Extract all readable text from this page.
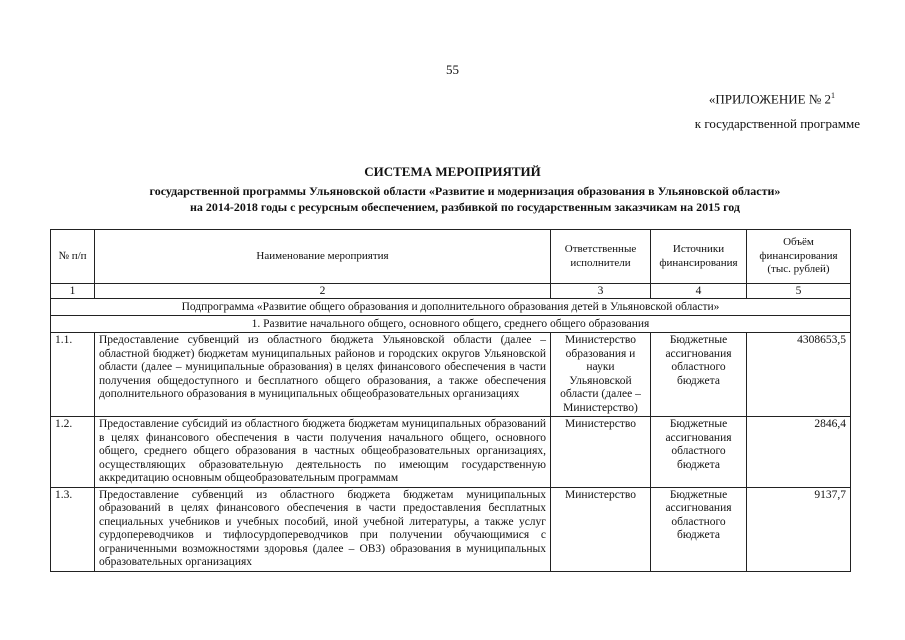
55
«ПРИЛОЖЕНИЕ № $2^1$
к государственной программе
СИСТЕМА МЕРОПРИЯТИЙ
государственной программы Ульяновской области «Развитие и модернизация образования в Ульяновской области»
на 2014-2018 годы с ресурсным обеспечением, разбивкой по государственным заказчикам на 2015 год
№ п/п	Наименование мероприятия	Ответственные исполнители	Источники финансирования	Объём финансирования (тыс. рублей)
1	2	3	4	5
Подпрограмма «Развитие общего образования и дополнительного образования детей в Ульяновской области»				
1. Развитие начального общего, основного общего, среднего общего образования				
1.1.	Предоставление субвенций из областного бюджета Ульяновской области (далее – областной бюджет) бюджетам муниципальных районов и городских округов Ульяновской области (далее – муниципальные образования) в целях финансового обеспечения в части получения общедоступного и бесплатного общего образования, а также обеспечения дополнительного образования в муниципальных общеобразовательных организациях	Министерство образования и науки Ульяновской области (далее – Министерство)	Бюджетные ассигнования областного бюджета	4308653,5
1.2.	Предоставление субсидий из областного бюджета бюджетам муниципальных образований в целях финансового обеспечения в части получения начального общего, основного общего, среднего общего образования в частных общеобразовательных организациях, осуществляющих образовательную деятельность по имеющим государственную аккредитацию основным общеобразовательным программам	Министерство	Бюджетные ассигнования областного бюджета	2846,4
1.3.	Предоставление субвенций из областного бюджета бюджетам муниципальных образований в целях финансового обеспечения в части предоставления бесплатных специальных учебников и учебных пособий, иной учебной литературы, а также услуг сурдопереводчиков и тифлосурдопереводчиков при получении обучающимися с ограниченными возможностями здоровья (далее – ОВЗ) образования в муниципальных образовательных организациях	Министерство	Бюджетные ассигнования областного бюджета	9137,7
